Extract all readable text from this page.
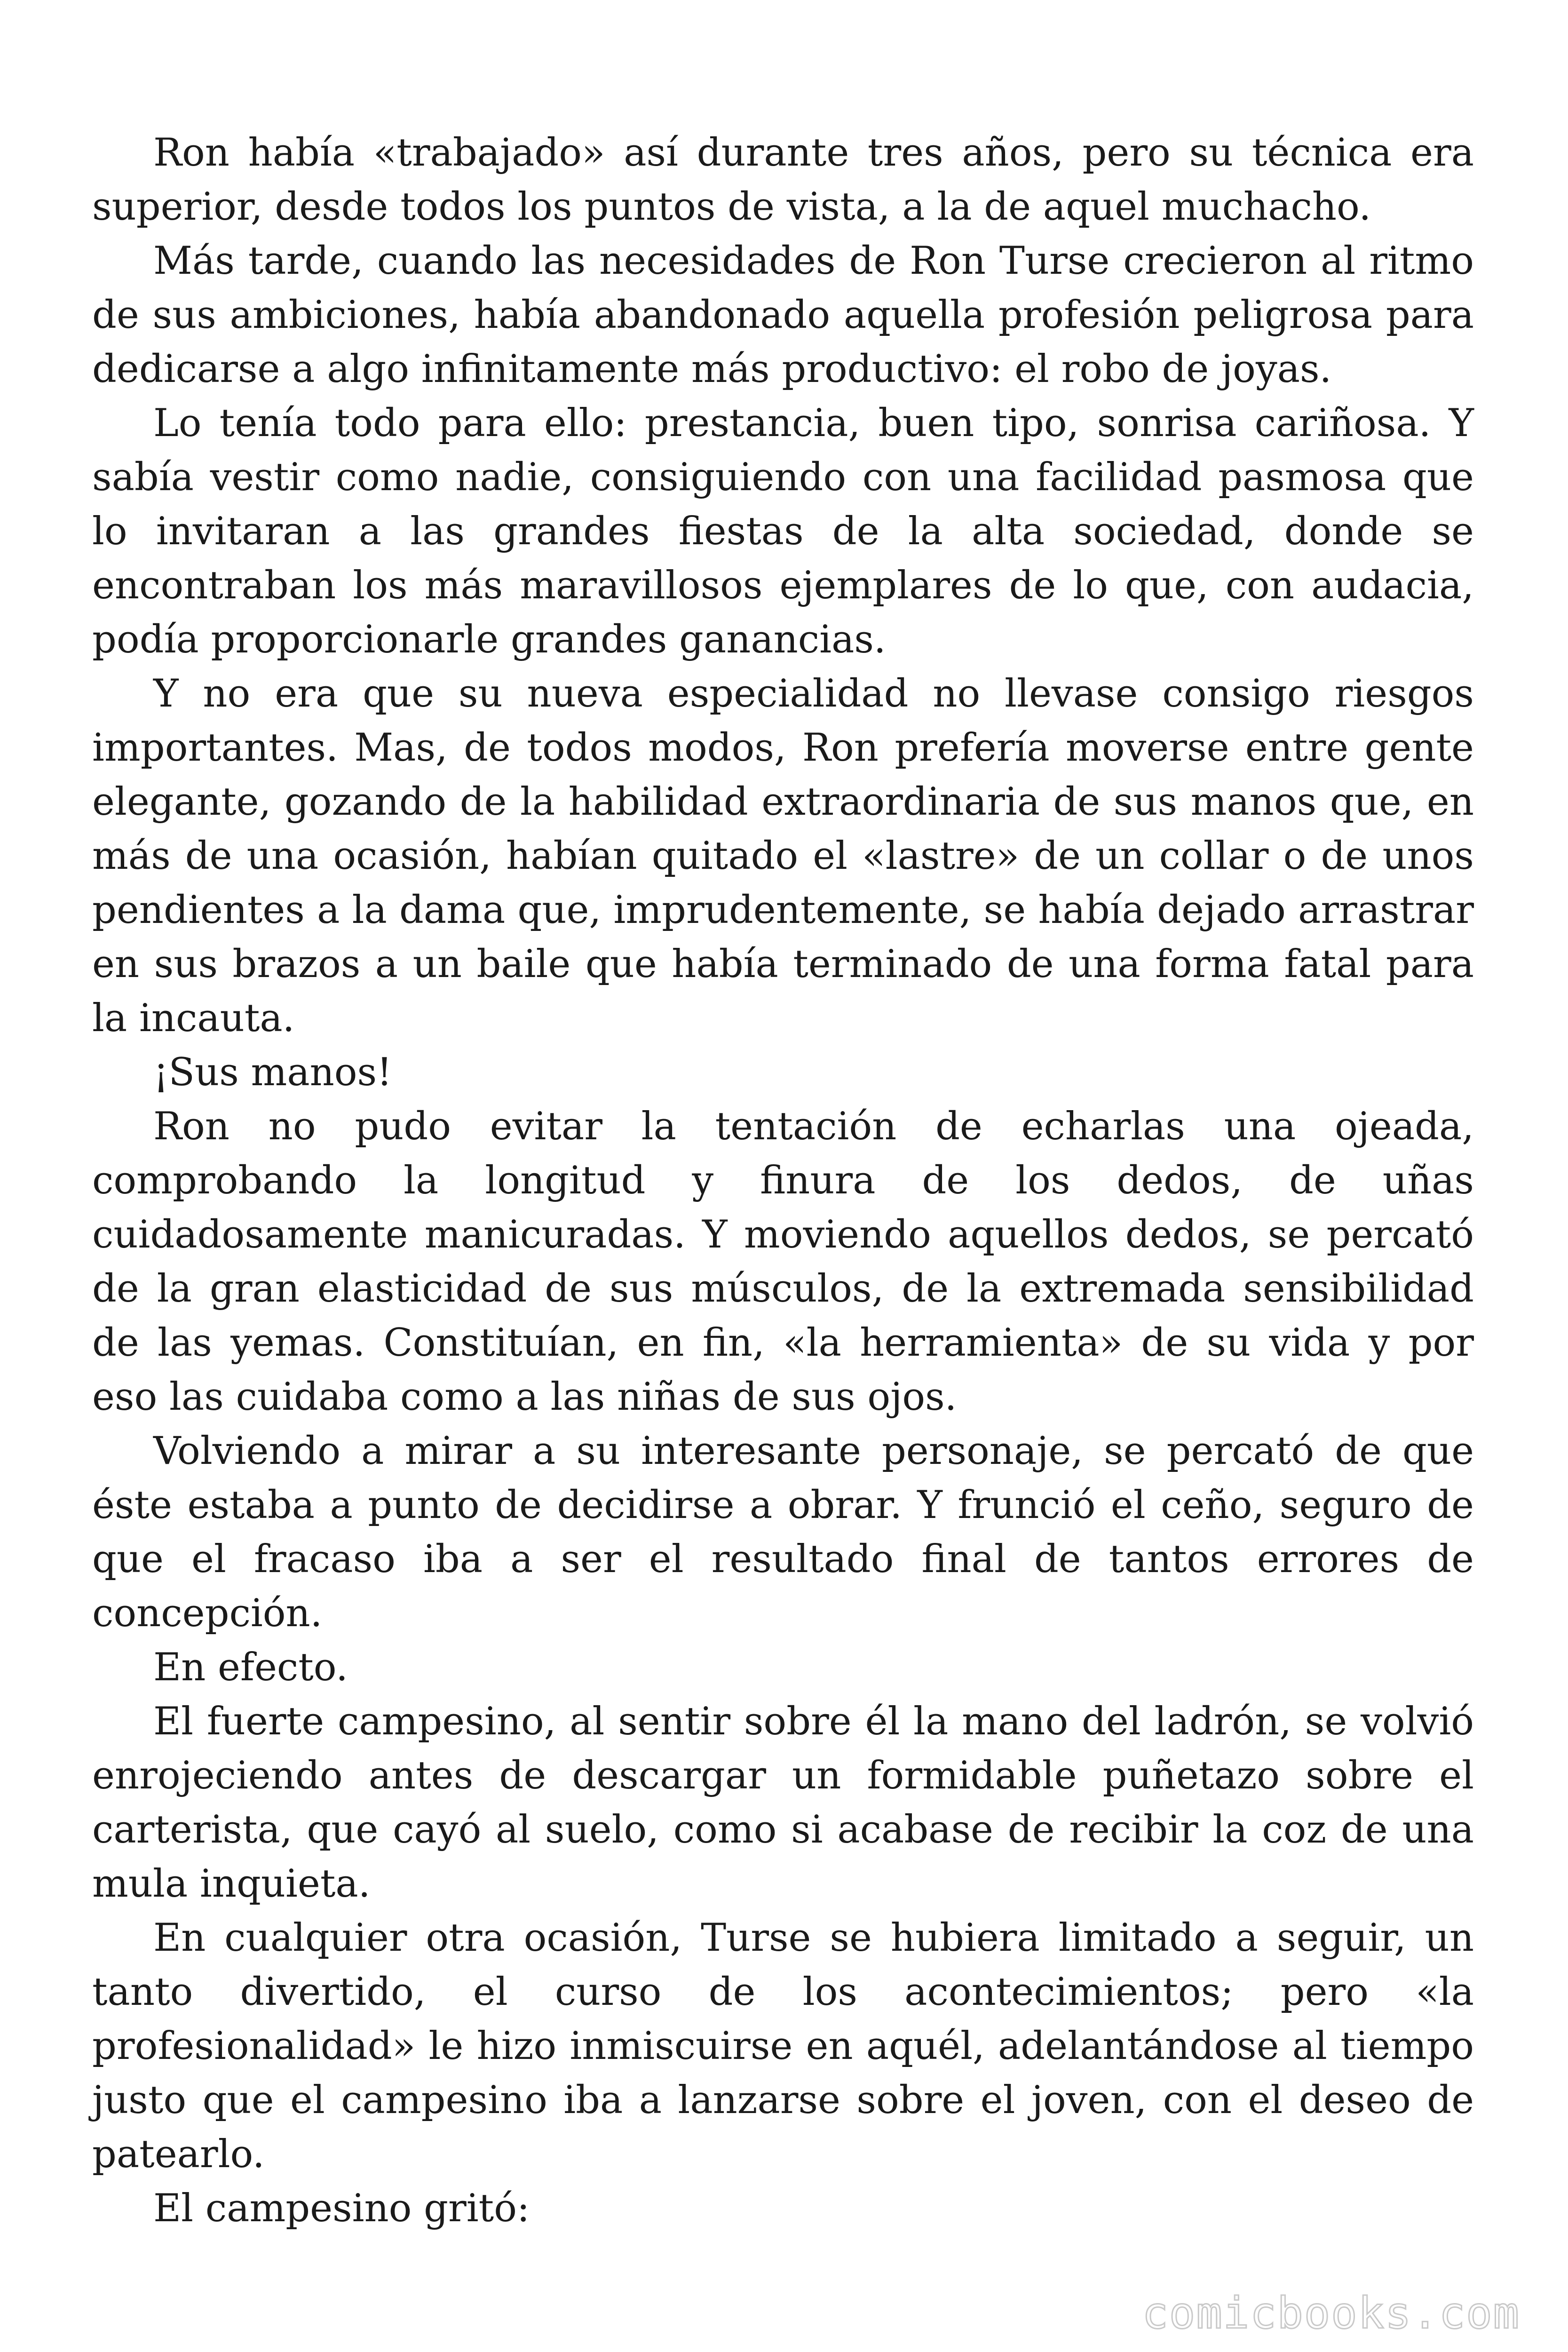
Ron había «trabajado» así durante tres años, pero su técnica era superior, desde todos los puntos de vista, a la de aquel muchacho.

Más tarde, cuando las necesidades de Ron Turse crecieron al ritmo de sus ambiciones, había abandonado aquella profesión peligrosa para dedicarse a algo infinitamente más productivo: el robo de joyas.

Lo tenía todo para ello: prestancia, buen tipo, sonrisa cariñosa. Y sabía vestir como nadie, consiguiendo con una facilidad pasmosa que lo invitaran a las grandes fiestas de la alta sociedad, donde se encontraban los más maravillosos ejemplares de lo que, con audacia, podía proporcionarle grandes ganancias.

Y no era que su nueva especialidad no llevase consigo riesgos importantes. Mas, de todos modos, Ron prefería moverse entre gente elegante, gozando de la habilidad extraordinaria de sus manos que, en más de una ocasión, habían quitado el «lastre» de un collar o de unos pendientes a la dama que, imprudentemente, se había dejado arrastrar en sus brazos a un baile que había terminado de una forma fatal para la incauta.

¡Sus manos!

Ron no pudo evitar la tentación de echarlas una ojeada, comprobando la longitud y finura de los dedos, de uñas cuidadosamente manicuradas. Y moviendo aquellos dedos, se percató de la gran elasticidad de sus músculos, de la extremada sensibilidad de las yemas. Constituían, en fin, «la herramienta» de su vida y por eso las cuidaba como a las niñas de sus ojos.

Volviendo a mirar a su interesante personaje, se percató de que éste estaba a punto de decidirse a obrar. Y frunció el ceño, seguro de que el fracaso iba a ser el resultado final de tantos errores de concepción.

En efecto.

El fuerte campesino, al sentir sobre él la mano del ladrón, se volvió enrojeciendo antes de descargar un formidable puñetazo sobre el carterista, que cayó al suelo, como si acabase de recibir la coz de una mula inquieta.

En cualquier otra ocasión, Turse se hubiera limitado a seguir, un tanto divertido, el curso de los acontecimientos; pero «la profesionalidad» le hizo inmiscuirse en aquél, adelantándose al tiempo justo que el campesino iba a lanzarse sobre el joven, con el deseo de patearlo.

El campesino gritó:

comicbooks.com
